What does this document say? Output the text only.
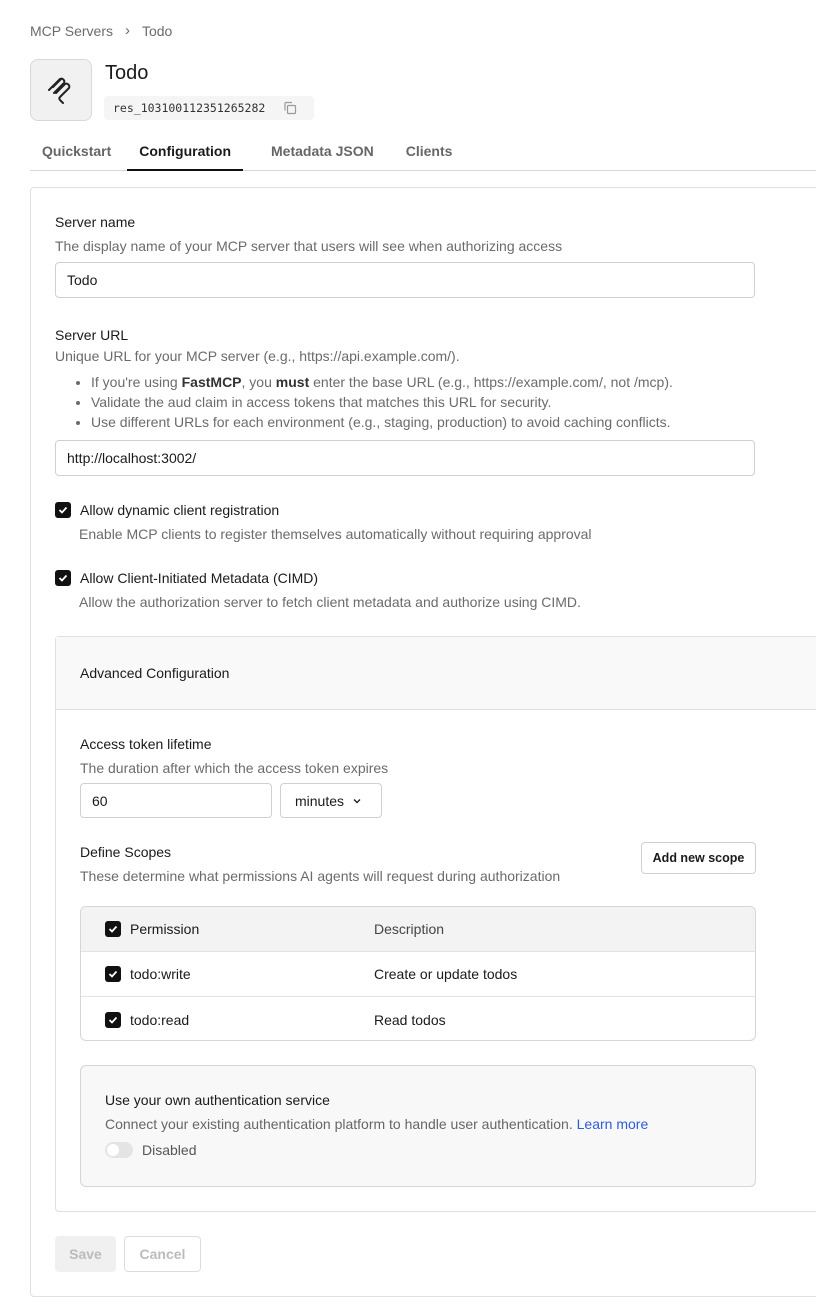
MCP Servers › Todo
Todo
res_103100112351265282
Quickstart	Configuration	Metadata JSON	Clients
Server name
The display name of your MCP server that users will see when authorizing access
Todo
Server URL
Unique URL for your MCP server (e.g., https://api.example.com/).
• If you're using FastMCP, you must enter the base URL (e.g., https://example.com/, not /mcp).
• Validate the aud claim in access tokens that matches this URL for security.
• Use different URLs for each environment (e.g., staging, production) to avoid caching conflicts.
http://localhost:3002/
Allow dynamic client registration
Enable MCP clients to register themselves automatically without requiring approval
Allow Client-Initiated Metadata (CIMD)
Allow the authorization server to fetch client metadata and authorize using CIMD.
Advanced Configuration
Access token lifetime
The duration after which the access token expires
60	minutes
Define Scopes
These determine what permissions AI agents will request during authorization
Add new scope
Permission	Description
todo:write	Create or update todos
todo:read	Read todos
Use your own authentication service
Connect your existing authentication platform to handle user authentication. Learn more
Disabled
Save	Cancel
